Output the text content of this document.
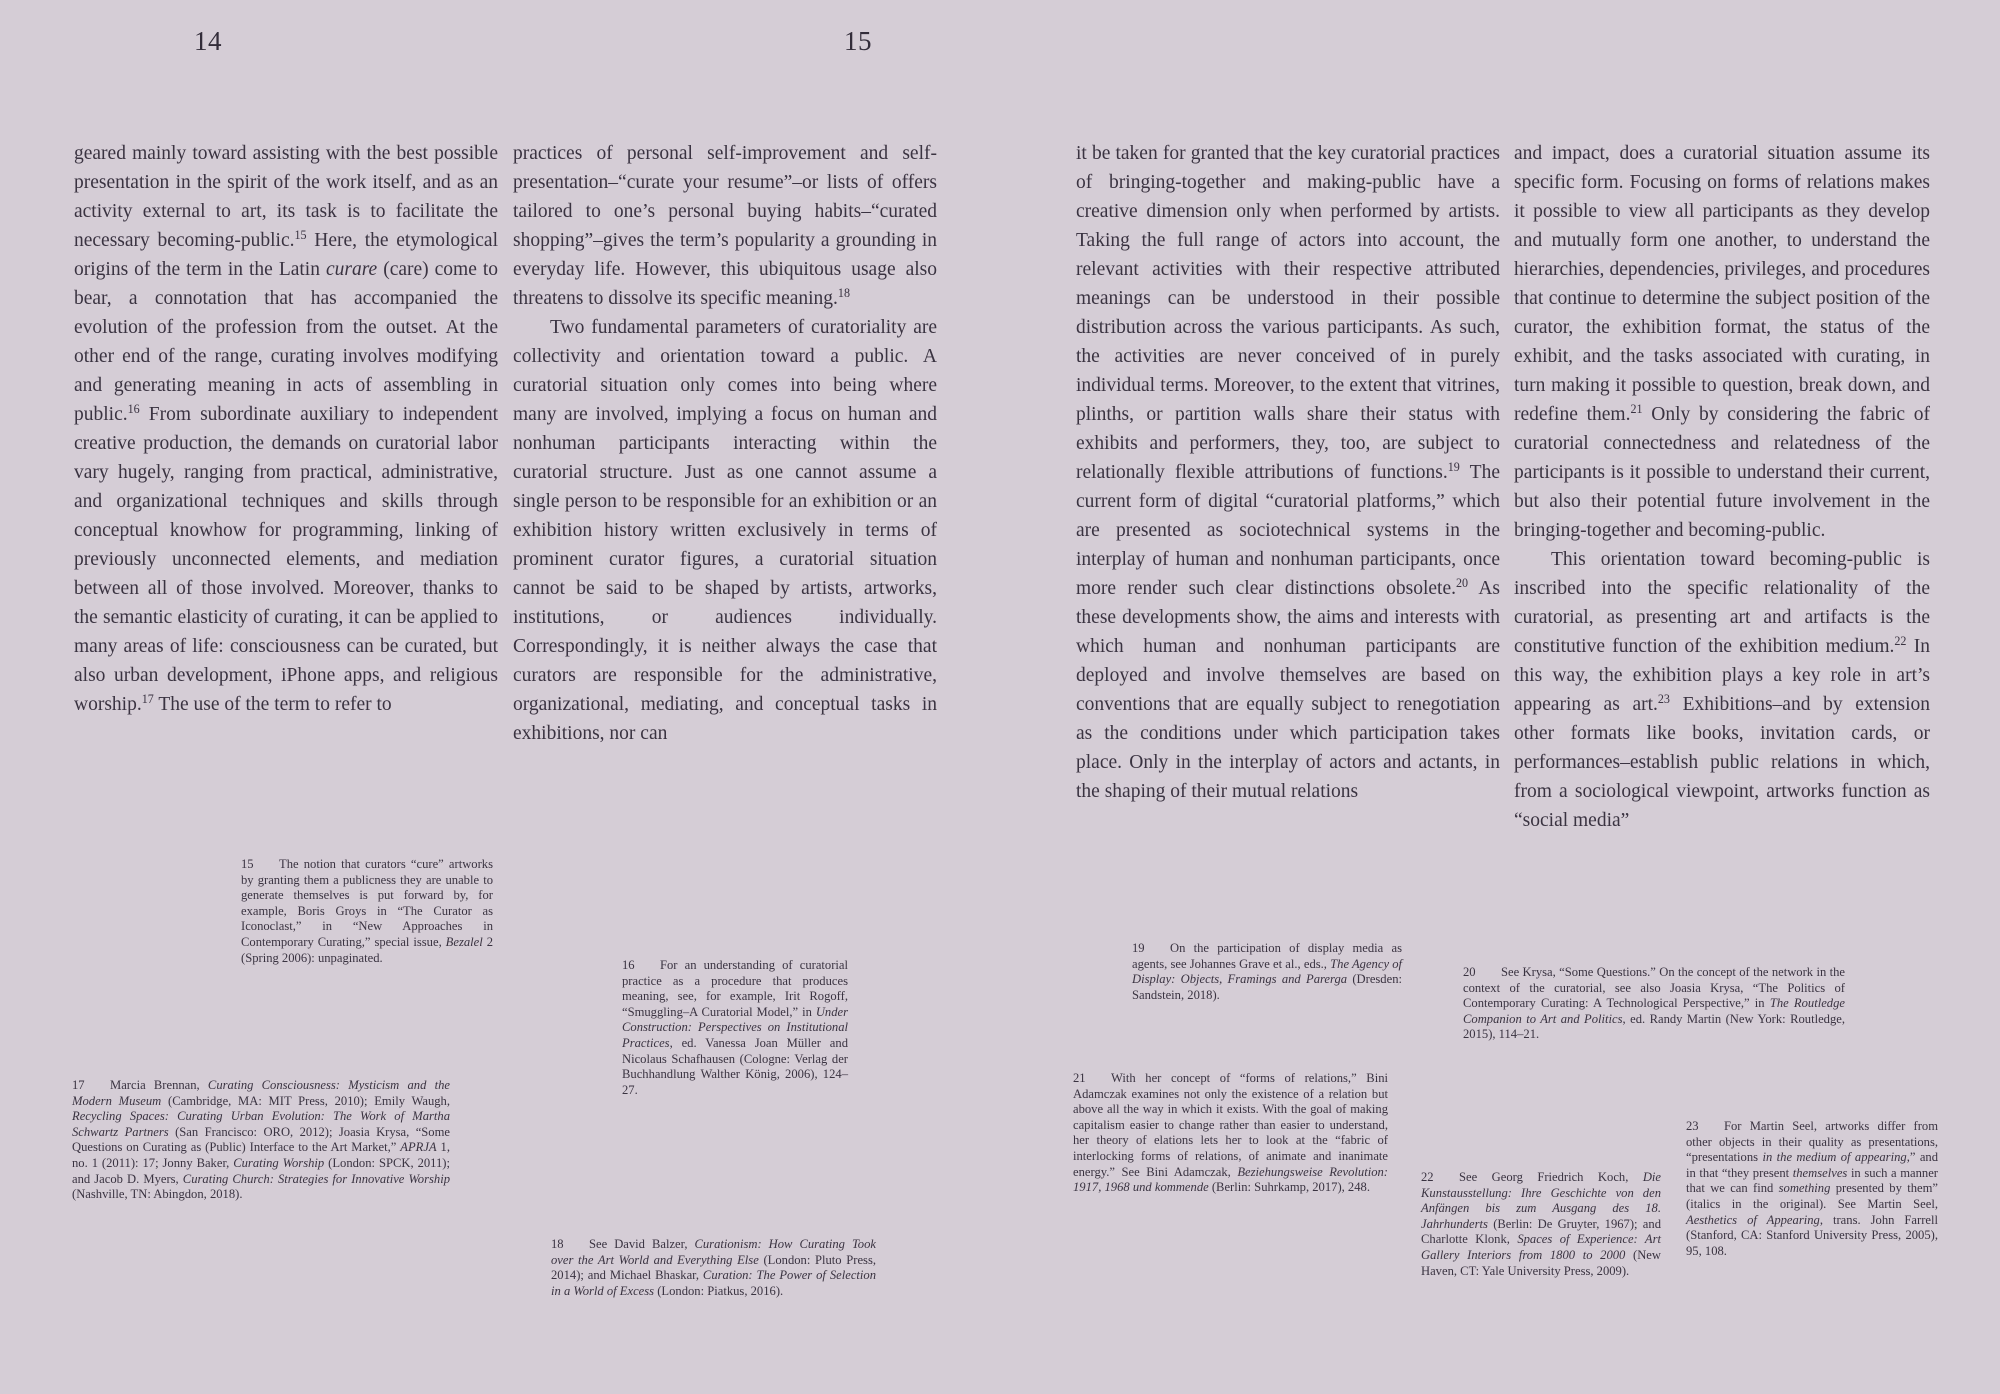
14	15

geared mainly toward assisting with the best possible presentation in the spirit of the work itself, and as an activity external to art, its task is to facilitate the necessary becoming-public.$^{15}$ Here, the etymological origins of the term in the Latin curare (care) come to bear, a connotation that has accompanied the evolution of the profession from the outset. At the other end of the range, curating involves modifying and generating meaning in acts of assembling in public.$^{16}$ From subordinate auxiliary to independent creative production, the demands on curatorial labor vary hugely, ranging from practical, administrative, and organizational techniques and skills through conceptual knowhow for programming, linking of previously unconnected elements, and mediation between all of those involved. Moreover, thanks to the semantic elasticity of curating, it can be applied to many areas of life: consciousness can be curated, but also urban development, iPhone apps, and religious worship.$^{17}$ The use of the term to refer to

practices of personal self-improvement and self-presentation–“curate your resume”–or lists of offers tailored to one’s personal buying habits–“curated shopping”–gives the term’s popularity a grounding in everyday life. However, this ubiquitous usage also threatens to dissolve its specific meaning.$^{18}$

Two fundamental parameters of curatoriality are collectivity and orientation toward a public. A curatorial situation only comes into being where many are involved, implying a focus on human and nonhuman participants interacting within the curatorial structure. Just as one cannot assume a single person to be responsible for an exhibition or an exhibition history written exclusively in terms of prominent curator figures, a curatorial situation cannot be said to be shaped by artists, artworks, institutions, or audiences individually. Correspondingly, it is neither always the case that curators are responsible for the administrative, organizational, mediating, and conceptual tasks in exhibitions, nor can

it be taken for granted that the key curatorial practices of bringing-together and making-public have a creative dimension only when performed by artists. Taking the full range of actors into account, the relevant activities with their respective attributed meanings can be understood in their possible distribution across the various participants. As such, the activities are never conceived of in purely individual terms. Moreover, to the extent that vitrines, plinths, or partition walls share their status with exhibits and performers, they, too, are subject to relationally flexible attributions of functions.$^{19}$ The current form of digital “curatorial platforms,” which are presented as sociotechnical systems in the interplay of human and nonhuman participants, once more render such clear distinctions obsolete.$^{20}$ As these developments show, the aims and interests with which human and nonhuman participants are deployed and involve themselves are based on conventions that are equally subject to renegotiation as the conditions under which participation takes place. Only in the interplay of actors and actants, in the shaping of their mutual relations

and impact, does a curatorial situation assume its specific form. Focusing on forms of relations makes it possible to view all participants as they develop and mutually form one another, to understand the hierarchies, dependencies, privileges, and procedures that continue to determine the subject position of the curator, the exhibition format, the status of the exhibit, and the tasks associated with curating, in turn making it possible to question, break down, and redefine them.$^{21}$ Only by considering the fabric of curatorial connectedness and relatedness of the participants is it possible to understand their current, but also their potential future involvement in the bringing-together and becoming-public.

This orientation toward becoming-public is inscribed into the specific relationality of the curatorial, as presenting art and artifacts is the constitutive function of the exhibition medium.$^{22}$ In this way, the exhibition plays a key role in art’s appearing as art.$^{23}$ Exhibitions–and by extension other formats like books, invitation cards, or performances–establish public relations in which, from a sociological viewpoint, artworks function as “social media”

15 The notion that curators “cure” artworks by granting them a publicness they are unable to generate themselves is put forward by, for example, Boris Groys in “The Curator as Iconoclast,” in “New Approaches in Contemporary Curating,” special issue, Bezalel 2 (Spring 2006): unpaginated.
16 For an understanding of curatorial practice as a procedure that produces meaning, see, for example, Irit Rogoff, “Smuggling–A Curatorial Model,” in Under Construction: Perspectives on Institutional Practices, ed. Vanessa Joan Müller and Nicolaus Schafhausen (Cologne: Verlag der Buchhandlung Walther König, 2006), 124–27.
17 Marcia Brennan, Curating Consciousness: Mysticism and the Modern Museum (Cambridge, MA: MIT Press, 2010); Emily Waugh, Recycling Spaces: Curating Urban Evolution: The Work of Martha Schwartz Partners (San Francisco: ORO, 2012); Joasia Krysa, “Some Questions on Curating as (Public) Interface to the Art Market,” APRJA 1, no. 1 (2011): 17; Jonny Baker, Curating Worship (London: SPCK, 2011); and Jacob D. Myers, Curating Church: Strategies for Innovative Worship (Nashville, TN: Abingdon, 2018).
18 See David Balzer, Curationism: How Curating Took over the Art World and Everything Else (London: Pluto Press, 2014); and Michael Bhaskar, Curation: The Power of Selection in a World of Excess (London: Piatkus, 2016).
19 On the participation of display media as agents, see Johannes Grave et al., eds., The Agency of Display: Objects, Framings and Parerga (Dresden: Sandstein, 2018).
20 See Krysa, “Some Questions.” On the concept of the network in the context of the curatorial, see also Joasia Krysa, “The Politics of Contemporary Curating: A Technological Perspective,” in The Routledge Companion to Art and Politics, ed. Randy Martin (New York: Routledge, 2015), 114–21.
21 With her concept of “forms of relations,” Bini Adamczak examines not only the existence of a relation but above all the way in which it exists. With the goal of making capitalism easier to change rather than easier to understand, her theory of elations lets her to look at the “fabric of interlocking forms of relations, of animate and inanimate energy.” See Bini Adamczak, Beziehungsweise Revolution: 1917, 1968 und kommende (Berlin: Suhrkamp, 2017), 248.
22 See Georg Friedrich Koch, Die Kunstausstellung: Ihre Geschichte von den Anfängen bis zum Ausgang des 18. Jahrhunderts (Berlin: De Gruyter, 1967); and Charlotte Klonk, Spaces of Experience: Art Gallery Interiors from 1800 to 2000 (New Haven, CT: Yale University Press, 2009).
23 For Martin Seel, artworks differ from other objects in their quality as presentations, “presentations in the medium of appearing,” and in that “they present themselves in such a manner that we can find something presented by them” (italics in the original). See Martin Seel, Aesthetics of Appearing, trans. John Farrell (Stanford, CA: Stanford University Press, 2005), 95, 108.
